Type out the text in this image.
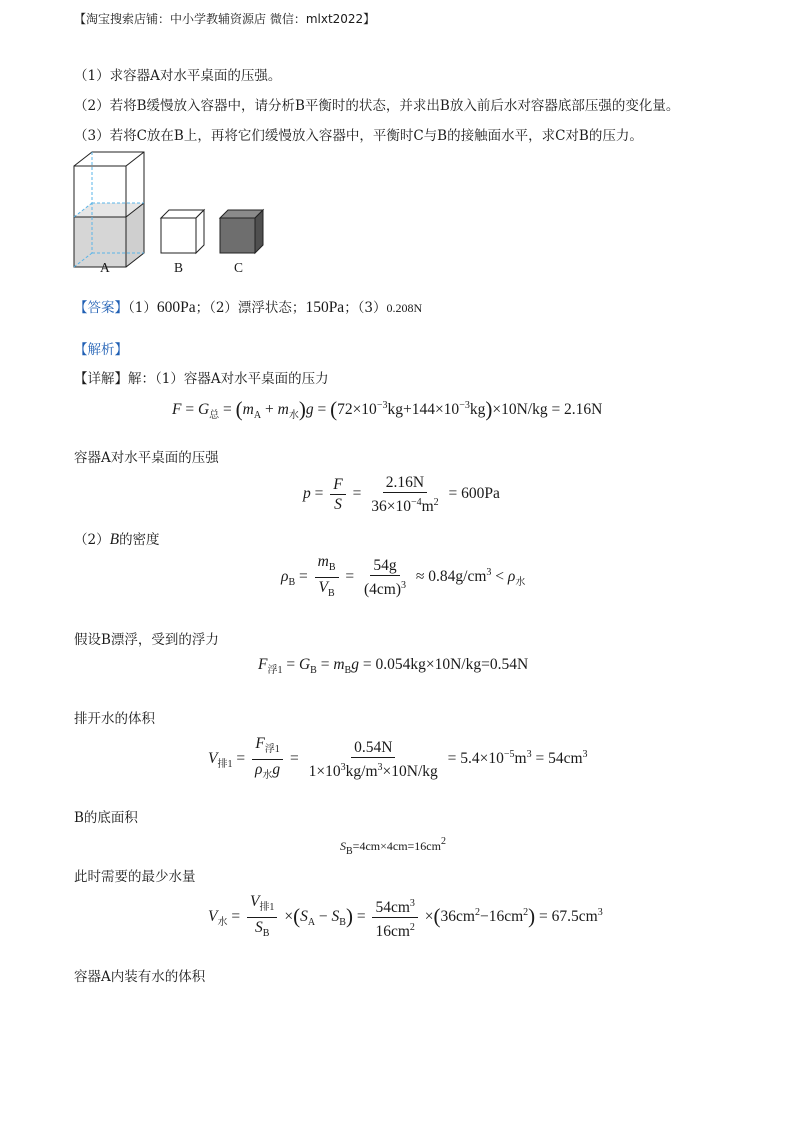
【淘宝搜索店铺：中小学教辅资源店 微信：mlxt2022】
（1）求容器A对水平桌面的压强。
（2）若将B缓慢放入容器中，请分析B平衡时的状态，并求出B放入前后水对容器底部压强的变化量。
（3）若将C放在B上，再将它们缓慢放入容器中，平衡时C与B的接触面水平，求C对B的压力。
A	B	C
【答案】（1）600Pa；（2）漂浮状态；150Pa；（3）0.208N
【解析】
【详解】解：（1）容器A对水平桌面的压力
$F = G_总 = (m_A + m_水)g = (72\times 10^{-3}kg+144\times 10^{-3}kg)\times 10N/kg = 2.16N$
容器A对水平桌面的压强
$p = \frac{F}{S} = \frac{2.16N}{36\times 10^{-4}m^2} = 600Pa$
（2）B的密度
$\rho_B = \frac{m_B}{V_B} = \frac{54g}{(4cm)^3} \approx 0.84g/cm^3 < \rho_水$
假设B漂浮，受到的浮力
$F_{浮1} = G_B = m_Bg = 0.054kg\times 10N/kg=0.54N$
排开水的体积
$V_{排1} = \frac{F_{浮1}}{\rho_水g} = \frac{0.54N}{1\times 10^3kg/m^3\times 10N/kg} = 5.4\times 10^{-5}m^3 = 54cm^3$
B的底面积
$S_B=4cm\times 4cm=16cm^2$
此时需要的最少水量
$V_水 = \frac{V_{排1}}{S_B} \times(S_A - S_B) = \frac{54cm^3}{16cm^2} \times(36cm^2-16cm^2) = 67.5cm^3$
容器A内装有水的体积
